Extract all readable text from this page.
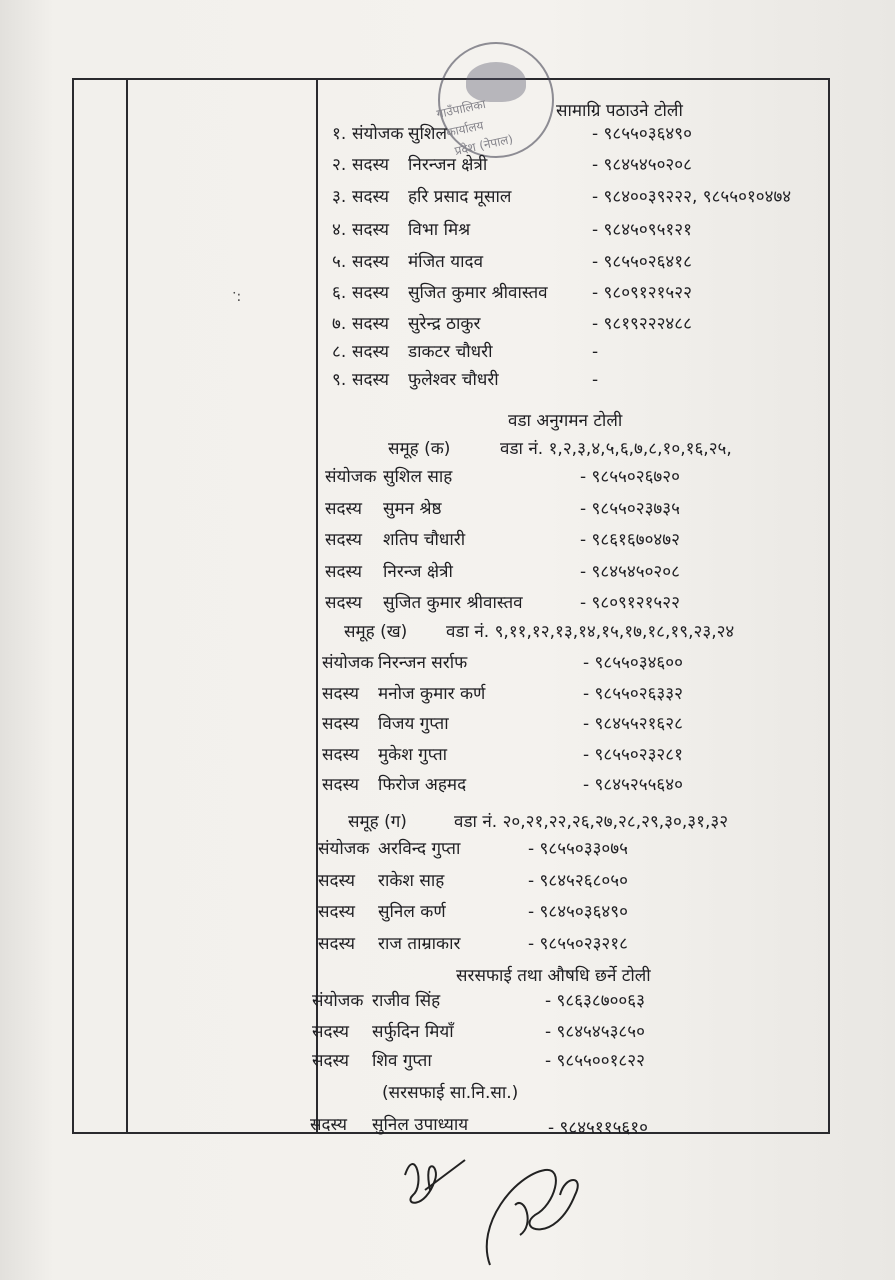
ॱ:
गाउँपालिका
कार्यालय
प्रदेश (नेपाल)
सामाग्रि पठाउने टोली
१. संयोजक सुशिल	- ९८५५०३६४९०
२. सदस्य निरन्जन क्षेत्री	- ९८४५४५०२०८
३. सदस्य हरि प्रसाद मूसाल	- ९८४००३९२२२, ९८५५०१०४७४
४. सदस्य विभा मिश्र	- ९८४५०९५१२१
५. सदस्य मंजित यादव	- ९८५५०२६४१८
६. सदस्य सुजित कुमार श्रीवास्तव	- ९८०९१२१५२२
७. सदस्य सुरेन्द्र ठाकुर	- ९८१९२२२४८८
८. सदस्य डाकटर चौधरी	-
९. सदस्य फुलेश्वर चौधरी	-
वडा अनुगमन टोली
समूह (क)	वडा नं. १,२,३,४,५,६,७,८,१०,१६,२५,
संयोजक सुशिल साह	- ९८५५०२६७२०
सदस्य सुमन श्रेष्ठ	- ९८५५०२३७३५
सदस्य शतिप चौधारी	- ९८६१६७०४७२
सदस्य निरन्ज क्षेत्री	- ९८४५४५०२०८
सदस्य सुजित कुमार श्रीवास्तव	- ९८०९१२१५२२
समूह (ख) वडा नं. ९,११,१२,१३,१४,१५,१७,१८,१९,२३,२४
संयोजक निरन्जन सर्राफ	- ९८५५०३४६००
सदस्य मनोज कुमार कर्ण	- ९८५५०२६३३२
सदस्य विजय गुप्ता	- ९८४५५२१६२८
सदस्य मुकेश गुप्ता	- ९८५५०२३२८१
सदस्य फिरोज अहमद	- ९८४५२५५६४०
समूह (ग)	वडा नं. २०,२१,२२,२६,२७,२८,२९,३०,३१,३२
संयोजक अरविन्द गुप्ता	- ९८५५०३३०७५
सदस्य राकेश साह	- ९८४५२६८०५०
सदस्य सुनिल कर्ण	- ९८४५०३६४९०
सदस्य राज ताम्राकार	- ९८५५०२३२१८
सरसफाई तथा औषधि छर्ने टोली
संयोजक राजीव सिंह	- ९८६३८७००६३
सदस्य सर्फुदिन मियाँ	- ९८४५४५३८५०
सदस्य शिव गुप्ता	- ९८५५००१८२२
(सरसफाई सा.नि.सा.)
सदस्य सुनिल उपाध्याय	- ९८४५११५६१०
